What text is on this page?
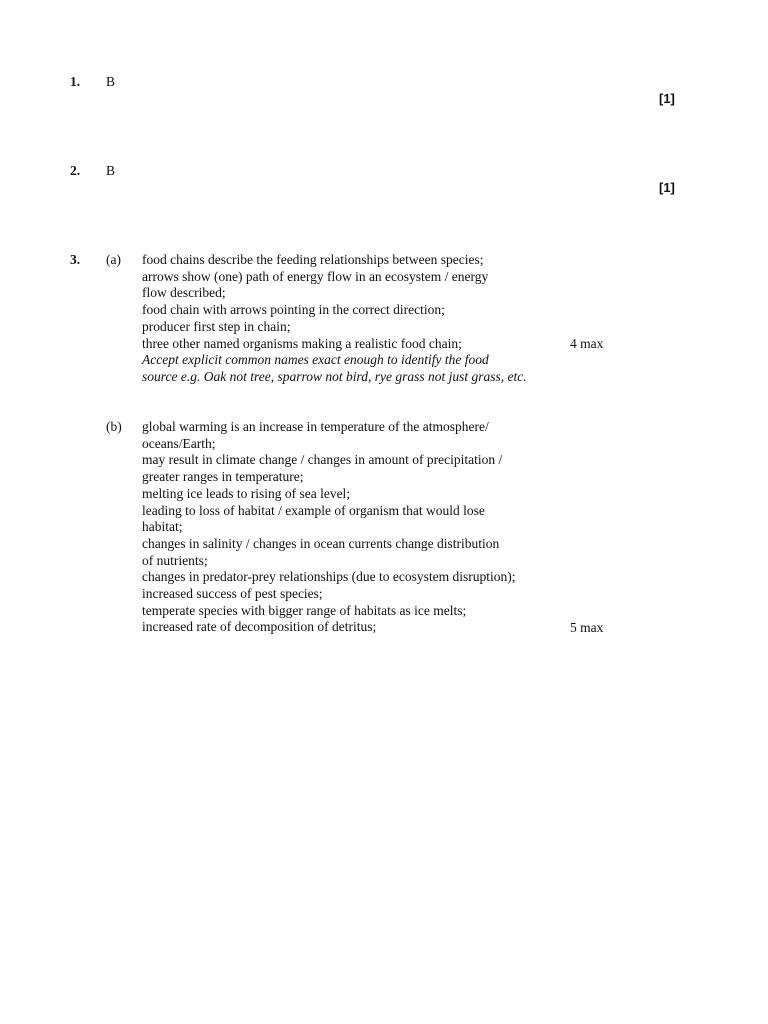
1. B
[1]
2. B
[1]
3. (a) food chains describe the feeding relationships between species;
arrows show (one) path of energy flow in an ecosystem / energy
flow described;
food chain with arrows pointing in the correct direction;
producer first step in chain;
three other named organisms making a realistic food chain;
Accept explicit common names exact enough to identify the food
source e.g. Oak not tree, sparrow not bird, rye grass not just grass, etc.
4 max
(b) global warming is an increase in temperature of the atmosphere/
oceans/Earth;
may result in climate change / changes in amount of precipitation /
greater ranges in temperature;
melting ice leads to rising of sea level;
leading to loss of habitat / example of organism that would lose
habitat;
changes in salinity / changes in ocean currents change distribution
of nutrients;
changes in predator-prey relationships (due to ecosystem disruption);
increased success of pest species;
temperate species with bigger range of habitats as ice melts;
increased rate of decomposition of detritus;	5 max
